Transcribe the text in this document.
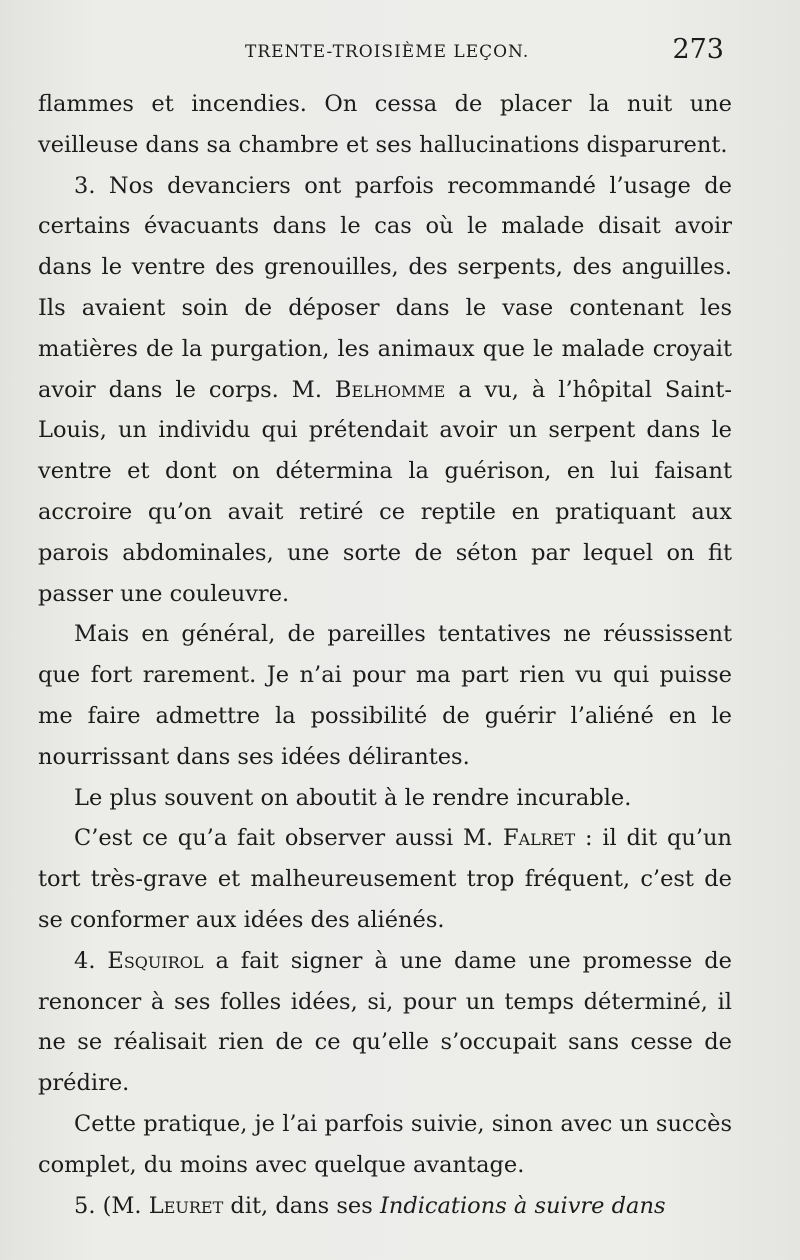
TRENTE-TROISIÈME LEÇON.	273

flammes et incendies. On cessa de placer la nuit une veilleuse dans sa chambre et ses hallucinations disparurent.

3. Nos devanciers ont parfois recommandé l’usage de certains évacuants dans le cas où le malade disait avoir dans le ventre des grenouilles, des serpents, des anguilles. Ils avaient soin de déposer dans le vase contenant les matières de la purgation, les animaux que le malade croyait avoir dans le corps. M. Belhomme a vu, à l’hôpital Saint-Louis, un individu qui prétendait avoir un serpent dans le ventre et dont on détermina la guérison, en lui faisant accroire qu’on avait retiré ce reptile en pratiquant aux parois abdominales, une sorte de séton par lequel on fit passer une couleuvre.

Mais en général, de pareilles tentatives ne réussissent que fort rarement. Je n’ai pour ma part rien vu qui puisse me faire admettre la possibilité de guérir l’aliéné en le nourrissant dans ses idées délirantes.

Le plus souvent on aboutit à le rendre incurable.

C’est ce qu’a fait observer aussi M. Falret : il dit qu’un tort très-grave et malheureusement trop fréquent, c’est de se conformer aux idées des aliénés.

4. Esquirol a fait signer à une dame une promesse de renoncer à ses folles idées, si, pour un temps déterminé, il ne se réalisait rien de ce qu’elle s’occupait sans cesse de prédire.

Cette pratique, je l’ai parfois suivie, sinon avec un succès complet, du moins avec quelque avantage.

5. (M. Leuret dit, dans ses Indications à suivre dans
